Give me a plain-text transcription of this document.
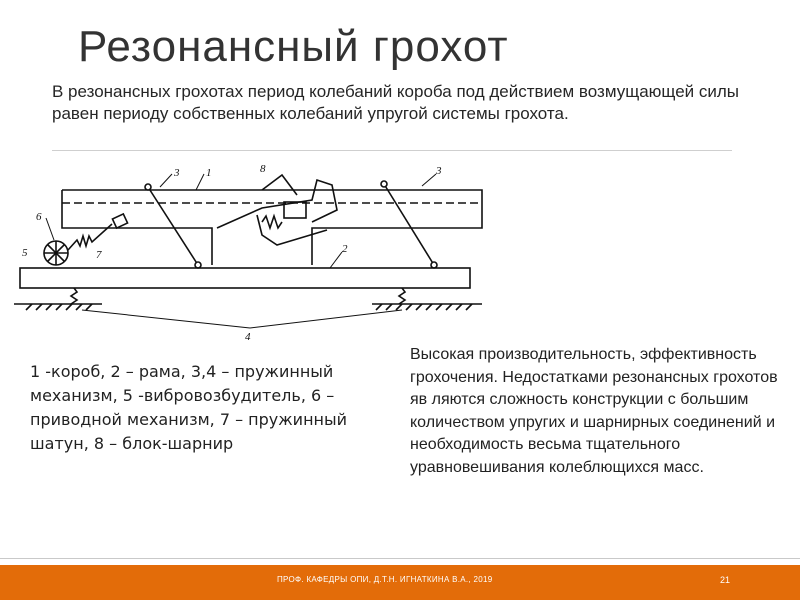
Резонансный грохот
В резонансных грохотах период колебаний короба под действием возмущающей силы равен периоду собственных колебаний упругой системы грохота.
3 1	8	3
2
6
5	7
4
1 -короб, 2 – рама, 3,4 – пружинный механизм, 5 -вибровозбудитель, 6 – приводной механизм, 7 – пружинный шатун, 8 – блок-шарнир
Высокая производительность, эффективность грохочения. Недостатками резонансных грохотов яв ляются сложность конструкции с большим количеством упругих и шарнирных соединений и необходимость весьма тщательного уравновешивания колеблющихся масс.
ПРОФ. КАФЕДРЫ ОПИ, Д.Т.Н. ИГНАТКИНА В.А., 2019	21
